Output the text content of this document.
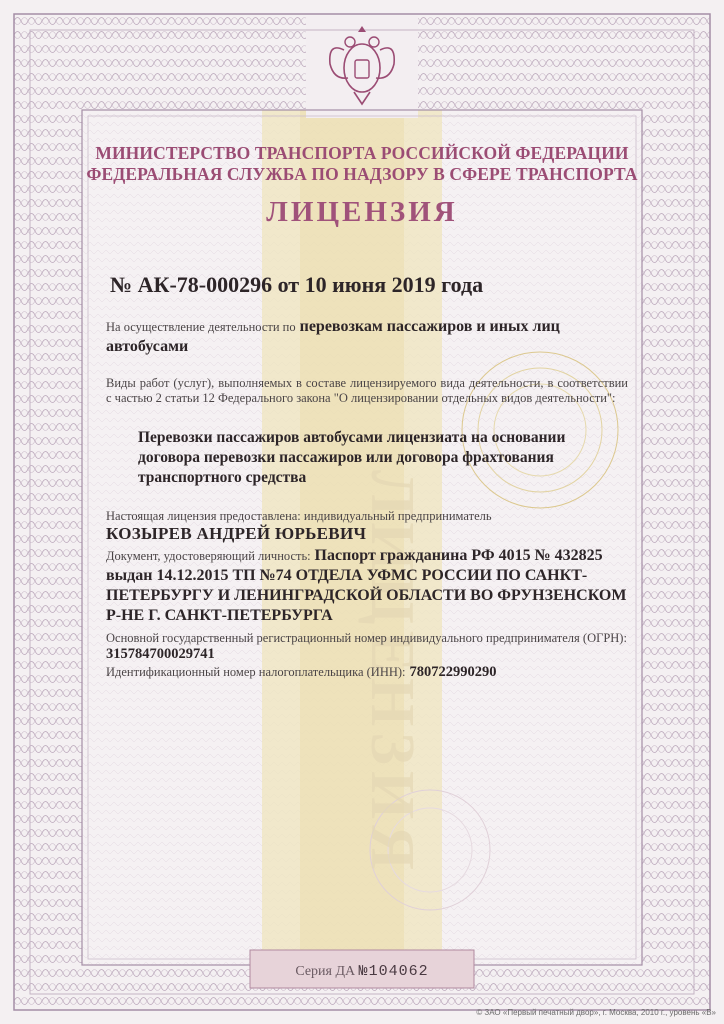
ЛИЦЕНЗИЯ
МИНИСТЕРСТВО ТРАНСПОРТА РОССИЙСКОЙ ФЕДЕРАЦИИ
ФЕДЕРАЛЬНАЯ СЛУЖБА ПО НАДЗОРУ В СФЕРЕ ТРАНСПОРТА
ЛИЦЕНЗИЯ
№ АК-78-000296 от 10 июня 2019 года
На осуществление деятельности по перевозкам пассажиров и иных лиц автобусами
Виды работ (услуг), выполняемых в составе лицензируемого вида деятельности, в соответствии с частью 2 статьи 12 Федерального закона "О лицензировании отдельных видов деятельности":
Перевозки пассажиров автобусами лицензиата на основании договора перевозки пассажиров или договора фрахтования транспортного средства
Настоящая лицензия предоставлена: индивидуальный предприниматель
КОЗЫРЕВ АНДРЕЙ ЮРЬЕВИЧ
Документ, удостоверяющий личность: Паспорт гражданина РФ 4015 № 432825 выдан 14.12.2015 ТП №74 ОТДЕЛА УФМС РОССИИ ПО САНКТ-ПЕТЕРБУРГУ И ЛЕНИНГРАДСКОЙ ОБЛАСТИ ВО ФРУНЗЕНСКОМ Р-НЕ Г. САНКТ-ПЕТЕРБУРГА
Основной государственный регистрационный номер индивидуального предпринимателя (ОГРН): 315784700029741
Идентификационный номер налогоплательщика (ИНН): 780722990290
Серия ДА №104062
© ЗАО «Первый печатный двор», г. Москва, 2010 г., уровень «В»
